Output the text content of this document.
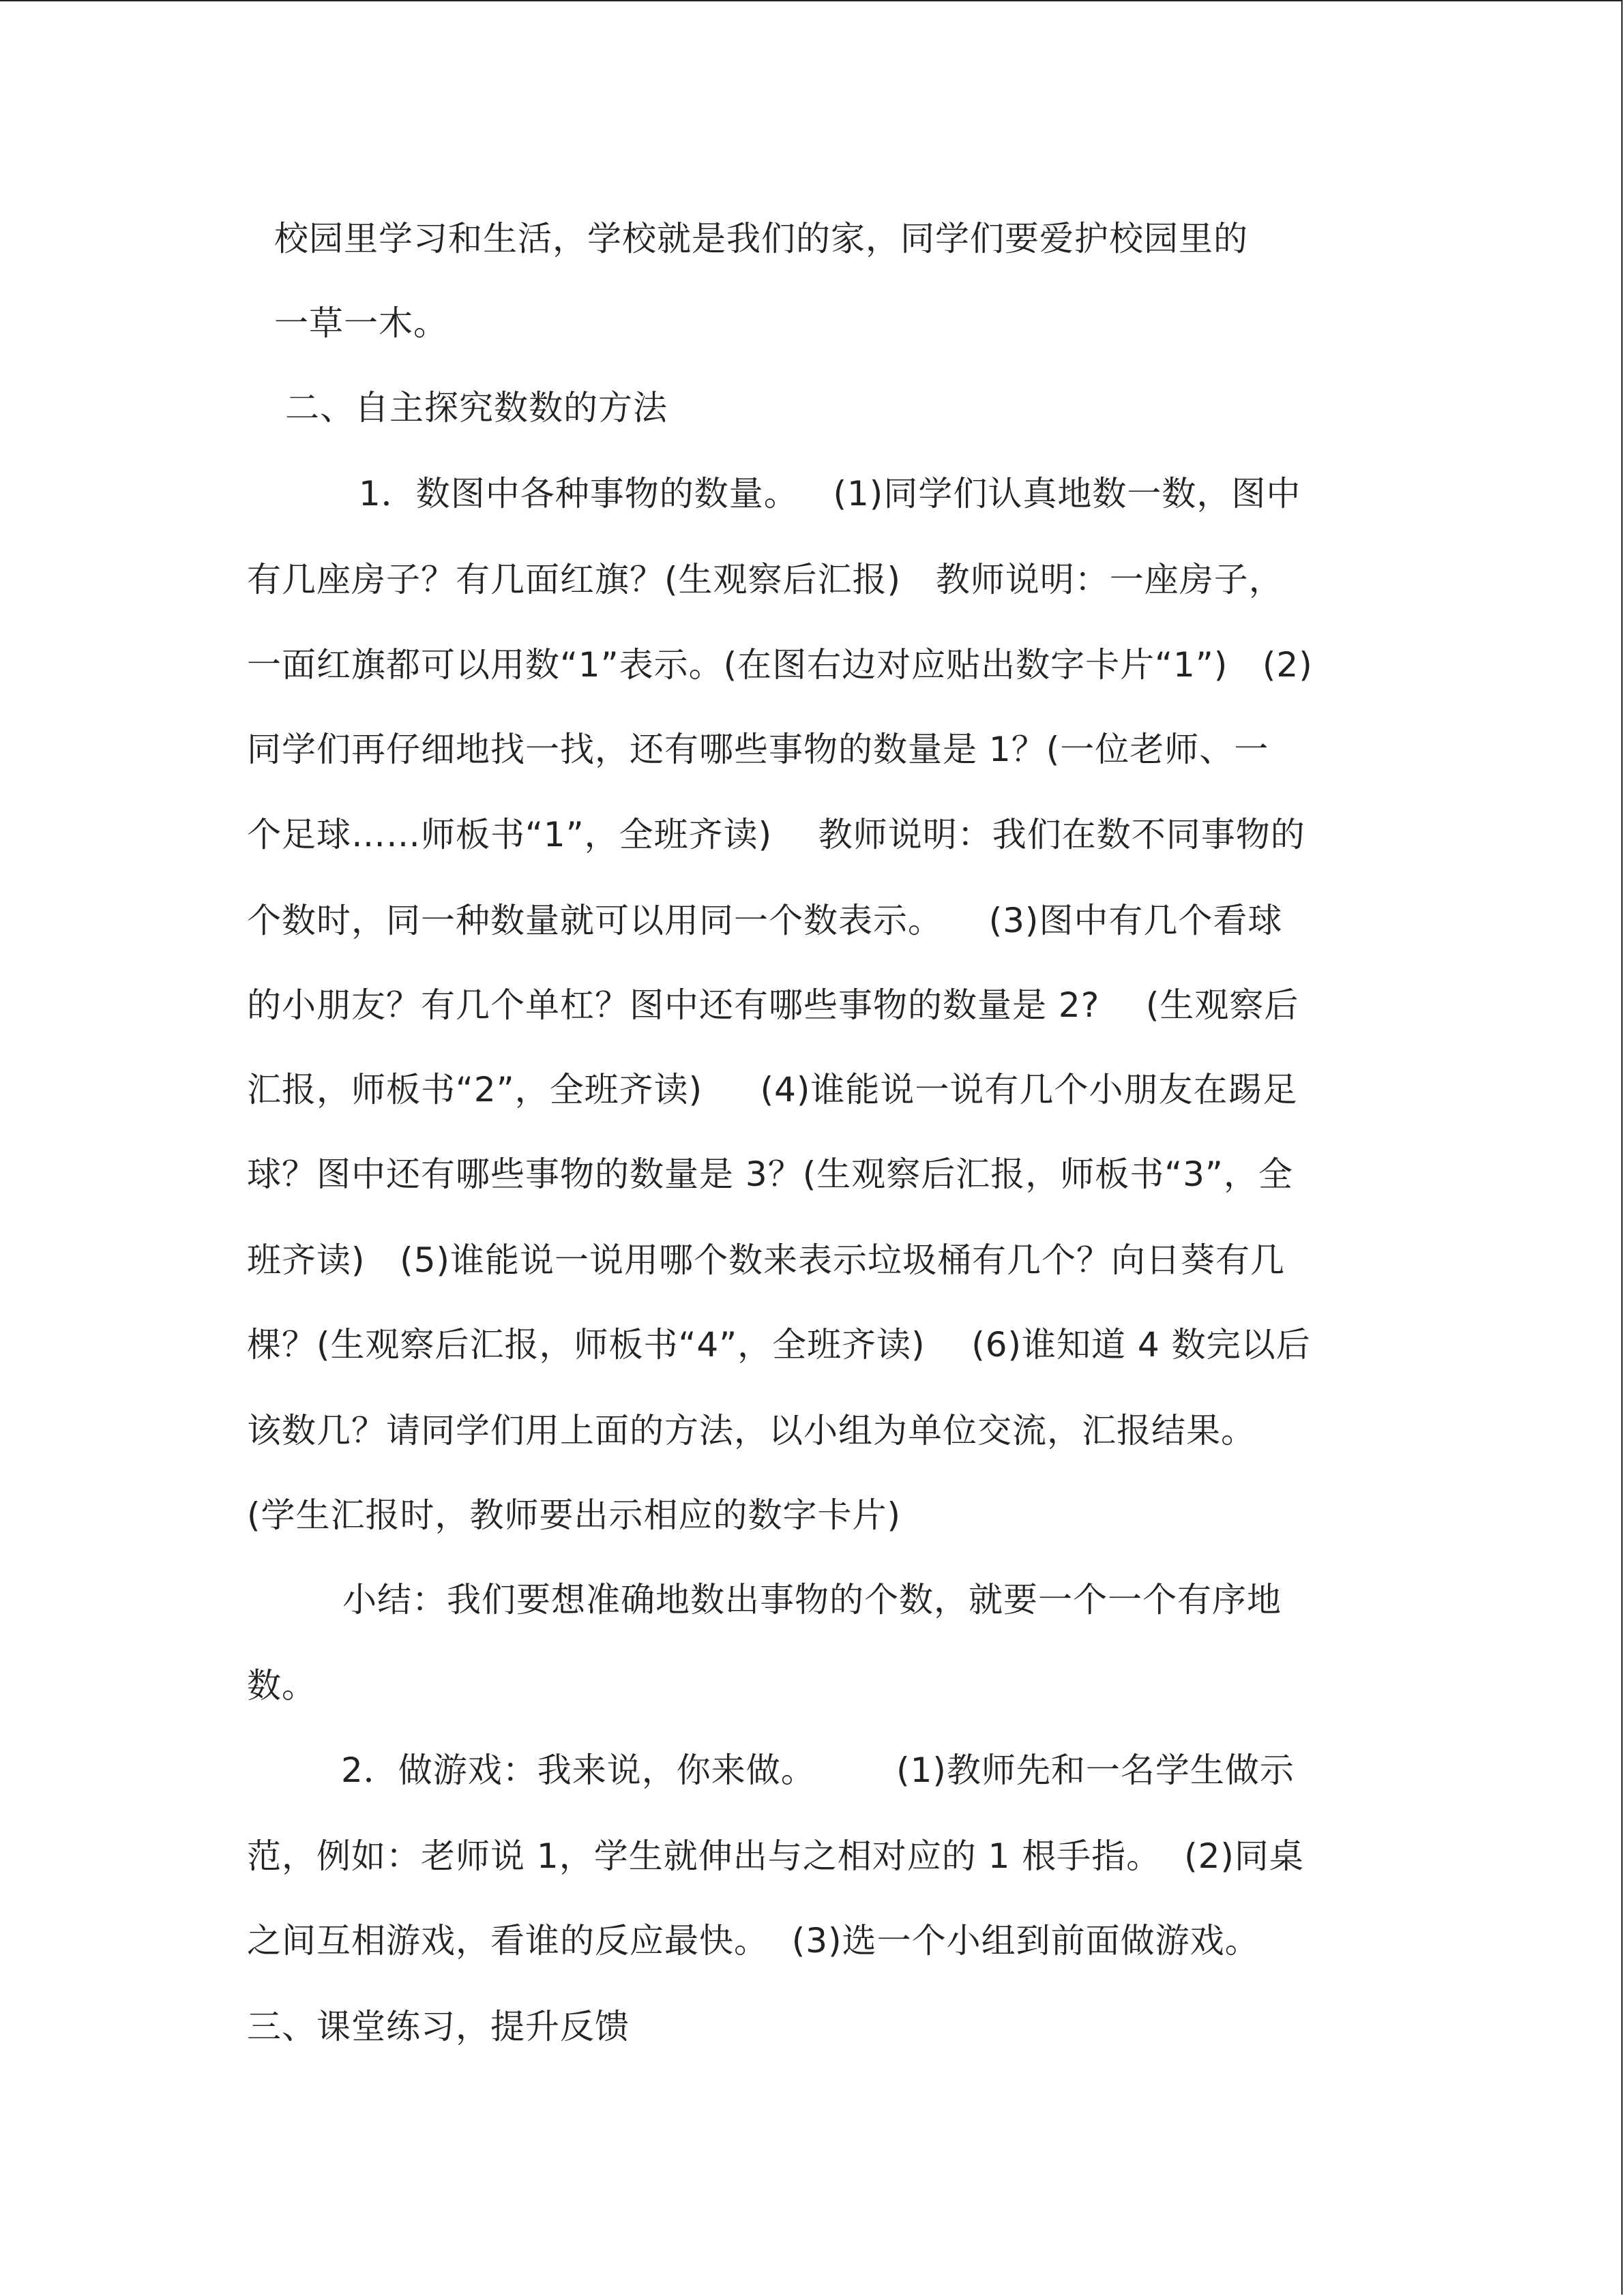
校园里学习和生活，学校就是我们的家，同学们要爱护校园里的
一草一木。
二、自主探究数数的方法
1．数图中各种事物的数量。   (1)同学们认真地数一数，图中
有几座房子？有几面红旗？(生观察后汇报)   教师说明：一座房子，
一面红旗都可以用数“1”表示。(在图右边对应贴出数字卡片“1”)   (2)
同学们再仔细地找一找，还有哪些事物的数量是 1？(一位老师、一
个足球……师板书“1”，全班齐读)    教师说明：我们在数不同事物的
个数时，同一种数量就可以用同一个数表示。    (3)图中有几个看球
的小朋友？有几个单杠？图中还有哪些事物的数量是 2?    (生观察后
汇报，师板书“2”，全班齐读)     (4)谁能说一说有几个小朋友在踢足
球？图中还有哪些事物的数量是 3？(生观察后汇报，师板书“3”，全
班齐读)   (5)谁能说一说用哪个数来表示垃圾桶有几个？向日葵有几
棵？(生观察后汇报，师板书“4”，全班齐读)    (6)谁知道 4 数完以后
该数几？请同学们用上面的方法，以小组为单位交流，汇报结果。
(学生汇报时，教师要出示相应的数字卡片)
小结：我们要想准确地数出事物的个数，就要一个一个有序地
数。
2．做游戏：我来说，你来做。       (1)教师先和一名学生做示
范，例如：老师说 1，学生就伸出与之相对应的 1 根手指。  (2)同桌
之间互相游戏，看谁的反应最快。  (3)选一个小组到前面做游戏。
三、课堂练习，提升反馈
